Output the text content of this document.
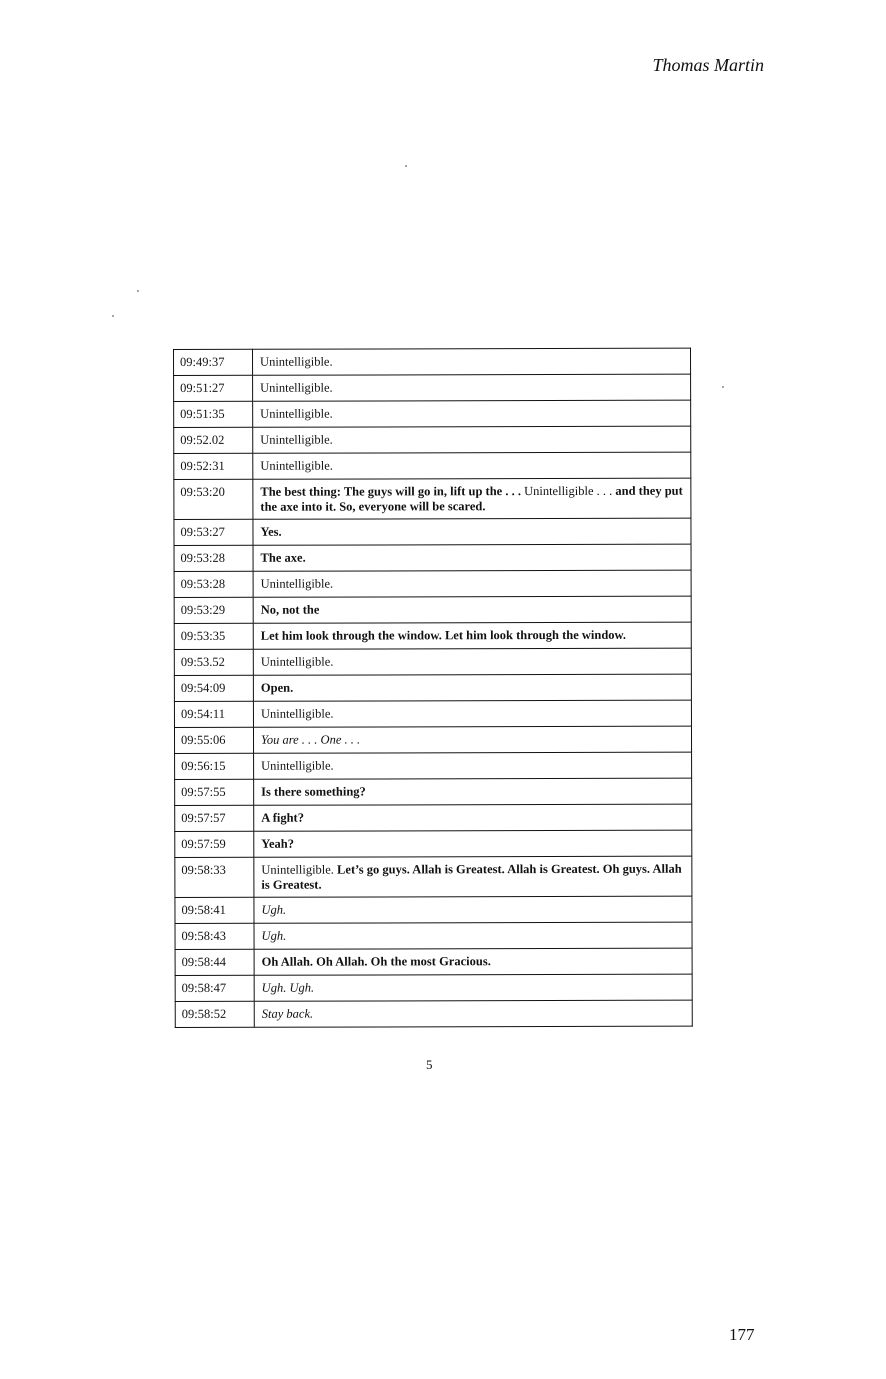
Thomas Martin
09:49:37	Unintelligible.
09:51:27	Unintelligible.
09:51:35	Unintelligible.
09:52.02	Unintelligible.
09:52:31	Unintelligible.
09:53:20	The best thing: The guys will go in, lift up the . . . Unintelligible . . . and they put the axe into it. So, everyone will be scared.
09:53:27	Yes.
09:53:28	The axe.
09:53:28	Unintelligible.
09:53:29	No, not the
09:53:35	Let him look through the window. Let him look through the window.
09:53.52	Unintelligible.
09:54:09	Open.
09:54:11	Unintelligible.
09:55:06	You are . . . One . . .
09:56:15	Unintelligible.
09:57:55	Is there something?
09:57:57	A fight?
09:57:59	Yeah?
09:58:33	Unintelligible. Let’s go guys. Allah is Greatest. Allah is Greatest. Oh guys. Allah is Greatest.
09:58:41	Ugh.
09:58:43	Ugh.
09:58:44	Oh Allah. Oh Allah. Oh the most Gracious.
09:58:47	Ugh. Ugh.
09:58:52	Stay back.
5
177
